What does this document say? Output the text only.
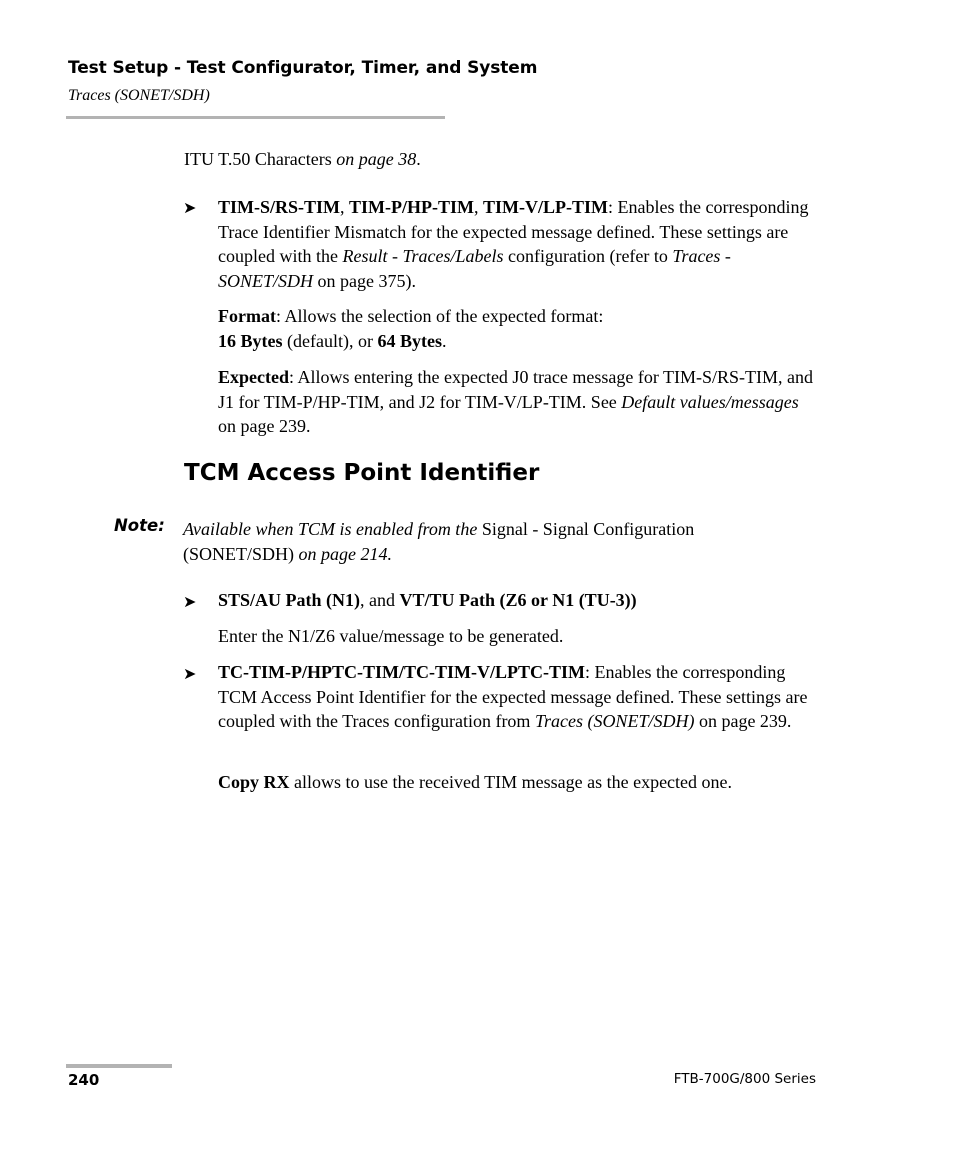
Test Setup - Test Configurator, Timer, and System
Traces (SONET/SDH)

ITU T.50 Characters on page 38.

➤ TIM-S/RS-TIM, TIM-P/HP-TIM, TIM-V/LP-TIM: Enables the corresponding Trace Identifier Mismatch for the expected message defined. These settings are coupled with the Result - Traces/Labels configuration (refer to Traces - SONET/SDH on page 375).

Format: Allows the selection of the expected format:
16 Bytes (default), or 64 Bytes.

Expected: Allows entering the expected J0 trace message for TIM-S/RS-TIM, and J1 for TIM-P/HP-TIM, and J2 for TIM-V/LP-TIM. See Default values/messages on page 239.

TCM Access Point Identifier
Note: Available when TCM is enabled from the Signal - Signal Configuration (SONET/SDH) on page 214.

➤ STS/AU Path (N1), and VT/TU Path (Z6 or N1 (TU-3))

Enter the N1/Z6 value/message to be generated.

➤ TC-TIM-P/HPTC-TIM/TC-TIM-V/LPTC-TIM: Enables the corresponding TCM Access Point Identifier for the expected message defined. These settings are coupled with the Traces configuration from Traces (SONET/SDH) on page 239.

Copy RX allows to use the received TIM message as the expected one.

240	FTB-700G/800 Series
